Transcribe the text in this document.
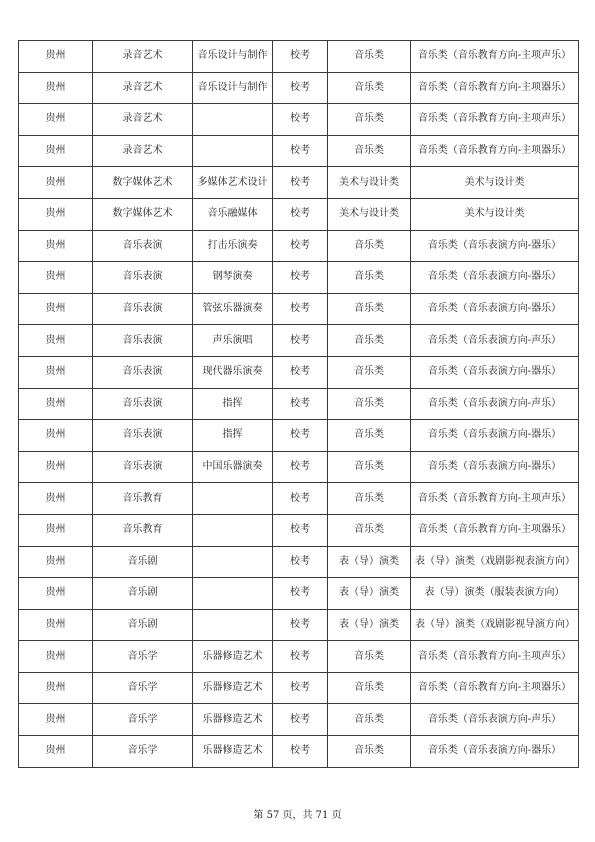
贵州	录音艺术	音乐设计与制作	校考	音乐类	音乐类（音乐教育方向-主项声乐）
贵州	录音艺术	音乐设计与制作	校考	音乐类	音乐类（音乐教育方向-主项器乐）
贵州	录音艺术		校考	音乐类	音乐类（音乐教育方向-主项声乐）
贵州	录音艺术		校考	音乐类	音乐类（音乐教育方向-主项器乐）
贵州	数字媒体艺术	多媒体艺术设计	校考	美术与设计类	美术与设计类
贵州	数字媒体艺术	音乐融媒体	校考	美术与设计类	美术与设计类
贵州	音乐表演	打击乐演奏	校考	音乐类	音乐类（音乐表演方向-器乐）
贵州	音乐表演	钢琴演奏	校考	音乐类	音乐类（音乐表演方向-器乐）
贵州	音乐表演	管弦乐器演奏	校考	音乐类	音乐类（音乐表演方向-器乐）
贵州	音乐表演	声乐演唱	校考	音乐类	音乐类（音乐表演方向-声乐）
贵州	音乐表演	现代器乐演奏	校考	音乐类	音乐类（音乐表演方向-器乐）
贵州	音乐表演	指挥	校考	音乐类	音乐类（音乐表演方向-声乐）
贵州	音乐表演	指挥	校考	音乐类	音乐类（音乐表演方向-器乐）
贵州	音乐表演	中国乐器演奏	校考	音乐类	音乐类（音乐表演方向-器乐）
贵州	音乐教育		校考	音乐类	音乐类（音乐教育方向-主项声乐）
贵州	音乐教育		校考	音乐类	音乐类（音乐教育方向-主项器乐）
贵州	音乐剧		校考	表（导）演类	表（导）演类（戏剧影视表演方向）
贵州	音乐剧		校考	表（导）演类	表（导）演类（服装表演方向）
贵州	音乐剧		校考	表（导）演类	表（导）演类（戏剧影视导演方向）
贵州	音乐学	乐器修造艺术	校考	音乐类	音乐类（音乐教育方向-主项声乐）
贵州	音乐学	乐器修造艺术	校考	音乐类	音乐类（音乐教育方向-主项器乐）
贵州	音乐学	乐器修造艺术	校考	音乐类	音乐类（音乐表演方向-声乐）
贵州	音乐学	乐器修造艺术	校考	音乐类	音乐类（音乐表演方向-器乐）
第 57 页，共 71 页
